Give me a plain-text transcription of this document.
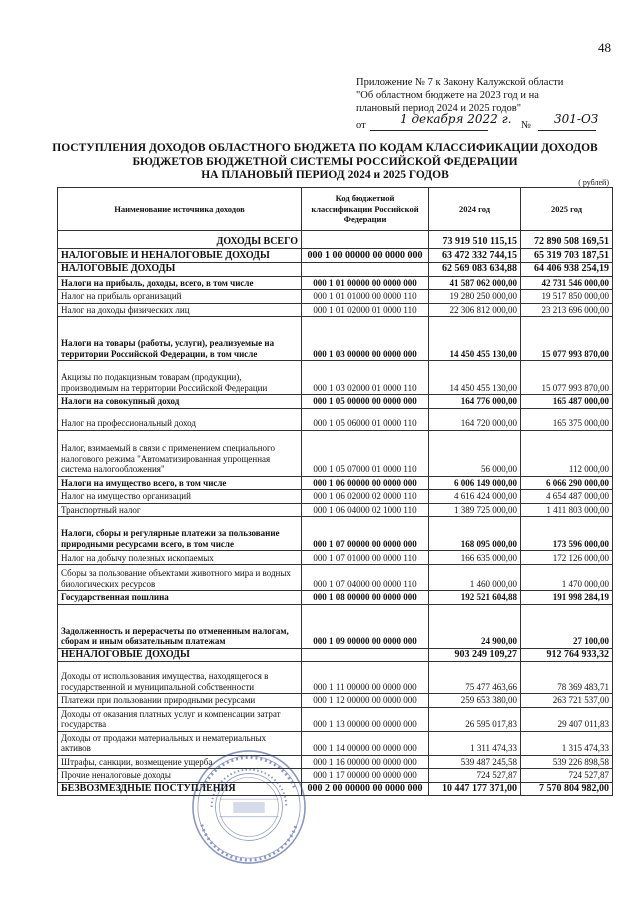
48
Приложение № 7 к Закону Калужской области
"Об областном бюджете на 2023 год и на
плановый период 2024 и 2025 годов"
от	1 декабря 2022 г. № 301-ОЗ
ПОСТУПЛЕНИЯ ДОХОДОВ ОБЛАСТНОГО БЮДЖЕТА ПО КОДАМ КЛАССИФИКАЦИИ ДОХОДОВ
БЮДЖЕТОВ БЮДЖЕТНОЙ СИСТЕМЫ РОССИЙСКОЙ ФЕДЕРАЦИИ
НА ПЛАНОВЫЙ ПЕРИОД 2024 и 2025 ГОДОВ
( рублей)
Наименование источника доходов	Код бюджетной классификации Российской Федерации	2024 год	2025 год
ДОХОДЫ ВСЕГО		73 919 510 115,15	72 890 508 169,51
НАЛОГОВЫЕ И НЕНАЛОГОВЫЕ ДОХОДЫ	000 1 00 00000 00 0000 000	63 472 332 744,15	65 319 703 187,51
НАЛОГОВЫЕ ДОХОДЫ		62 569 083 634,88	64 406 938 254,19
Налоги на прибыль, доходы, всего, в том числе	000 1 01 00000 00 0000 000	41 587 062 000,00	42 731 546 000,00
Налог на прибыль организаций	000 1 01 01000 00 0000 110	19 280 250 000,00	19 517 850 000,00
Налог на доходы физических лиц	000 1 01 02000 01 0000 110	22 306 812 000,00	23 213 696 000,00
Налоги на товары (работы, услуги), реализуемые на территории Российской Федерации, в том числе	000 1 03 00000 00 0000 000	14 450 455 130,00	15 077 993 870,00
Акцизы по подакцизным товарам (продукции), производимым на территории Российской Федерации	000 1 03 02000 01 0000 110	14 450 455 130,00	15 077 993 870,00
Налоги на совокупный доход	000 1 05 00000 00 0000 000	164 776 000,00	165 487 000,00
Налог на профессиональный доход	000 1 05 06000 01 0000 110	164 720 000,00	165 375 000,00
Налог, взимаемый в связи с применением специального налогового режима "Автоматизированная упрощенная система налогообложения"	000 1 05 07000 01 0000 110	56 000,00	112 000,00
Налоги на имущество всего, в том числе	000 1 06 00000 00 0000 000	6 006 149 000,00	6 066 290 000,00
Налог на имущество организаций	000 1 06 02000 02 0000 110	4 616 424 000,00	4 654 487 000,00
Транспортный налог	000 1 06 04000 02 1000 110	1 389 725 000,00	1 411 803 000,00
Налоги, сборы и регулярные платежи за пользование природными ресурсами всего, в том числе	000 1 07 00000 00 0000 000	168 095 000,00	173 596 000,00
Налог на добычу полезных ископаемых	000 1 07 01000 00 0000 110	166 635 000,00	172 126 000,00
Сборы за пользование объектами животного мира и водных биологических ресурсов	000 1 07 04000 00 0000 110	1 460 000,00	1 470 000,00
Государственная пошлина	000 1 08 00000 00 0000 000	192 521 604,88	191 998 284,19
Задолженность и перерасчеты по отмененным налогам, сборам и иным обязательным платежам	000 1 09 00000 00 0000 000	24 900,00	27 100,00
НЕНАЛОГОВЫЕ ДОХОДЫ		903 249 109,27	912 764 933,32
Доходы от использования имущества, находящегося в государственной и муниципальной собственности	000 1 11 00000 00 0000 000	75 477 463,66	78 369 483,71
Платежи при пользовании природными ресурсами	000 1 12 00000 00 0000 000	259 653 380,00	263 721 537,00
Доходы от оказания платных услуг и компенсации затрат государства	000 1 13 00000 00 0000 000	26 595 017,83	29 407 011,83
Доходы от продажи материальных и нематериальных активов	000 1 14 00000 00 0000 000	1 311 474,33	1 315 474,33
Штрафы, санкции, возмещение ущерба	000 1 16 00000 00 0000 000	539 487 245,58	539 226 898,58
Прочие неналоговые доходы	000 1 17 00000 00 0000 000	724 527,87	724 527,87
БЕЗВОЗМЕЗДНЫЕ ПОСТУПЛЕНИЯ	000 2 00 00000 00 0000 000	10 447 177 371,00	7 570 804 982,00
